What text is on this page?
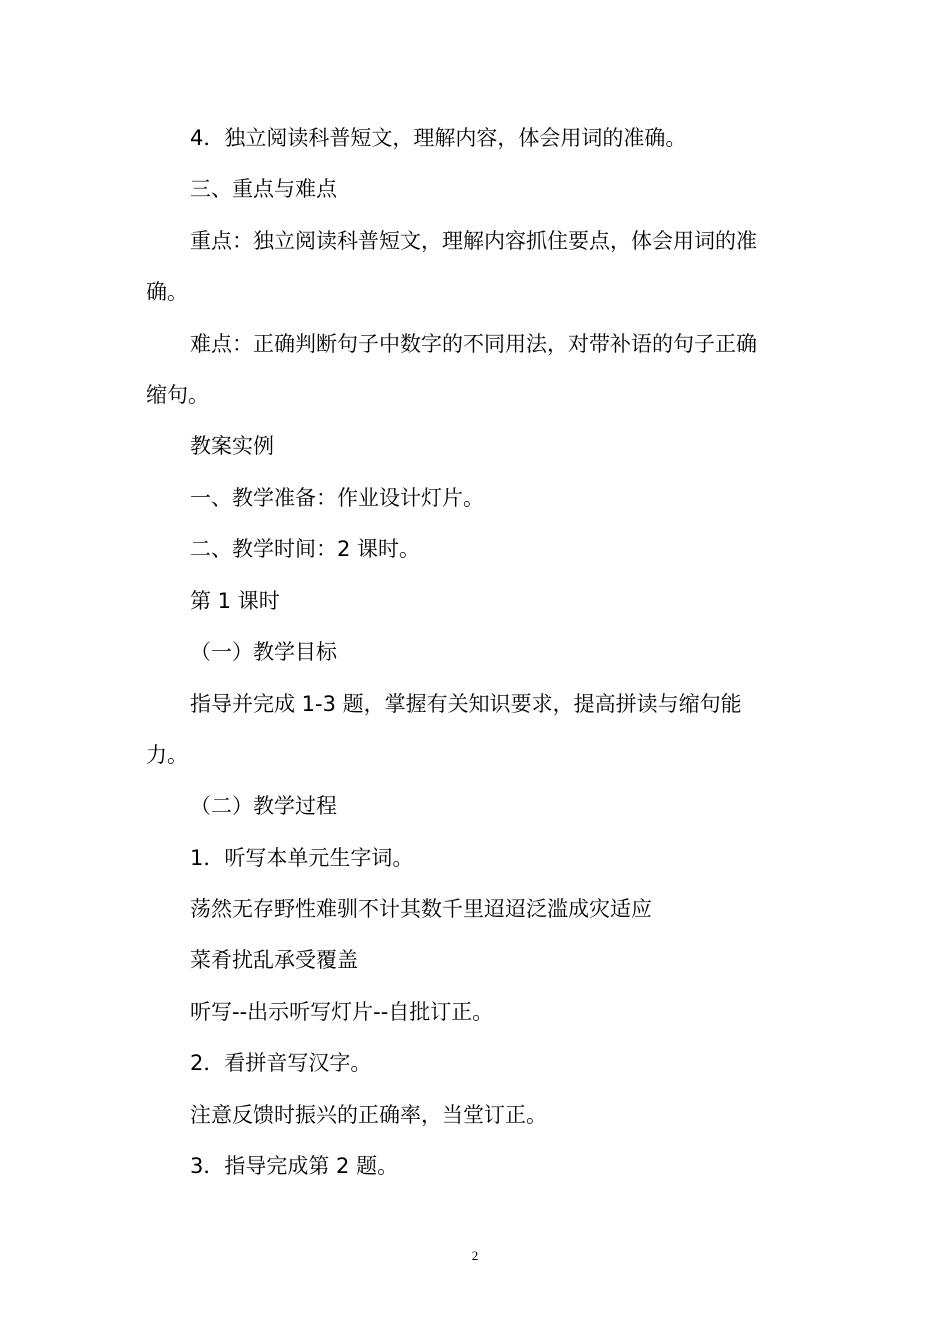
4．独立阅读科普短文，理解内容，体会用词的准确。
三、重点与难点
重点：独立阅读科普短文，理解内容抓住要点，体会用词的准
确。
难点：正确判断句子中数字的不同用法，对带补语的句子正确
缩句。
教案实例
一、教学准备：作业设计灯片。
二、教学时间：2 课时。
第 1 课时
（一）教学目标
指导并完成 1-3 题，掌握有关知识要求，提高拼读与缩句能
力。
（二）教学过程
1．听写本单元生字词。
荡然无存野性难驯不计其数千里迢迢泛滥成灾适应
菜肴扰乱承受覆盖
听写--出示听写灯片--自批订正。
2．看拼音写汉字。
注意反馈时振兴的正确率，当堂订正。
3．指导完成第 2 题。
2
